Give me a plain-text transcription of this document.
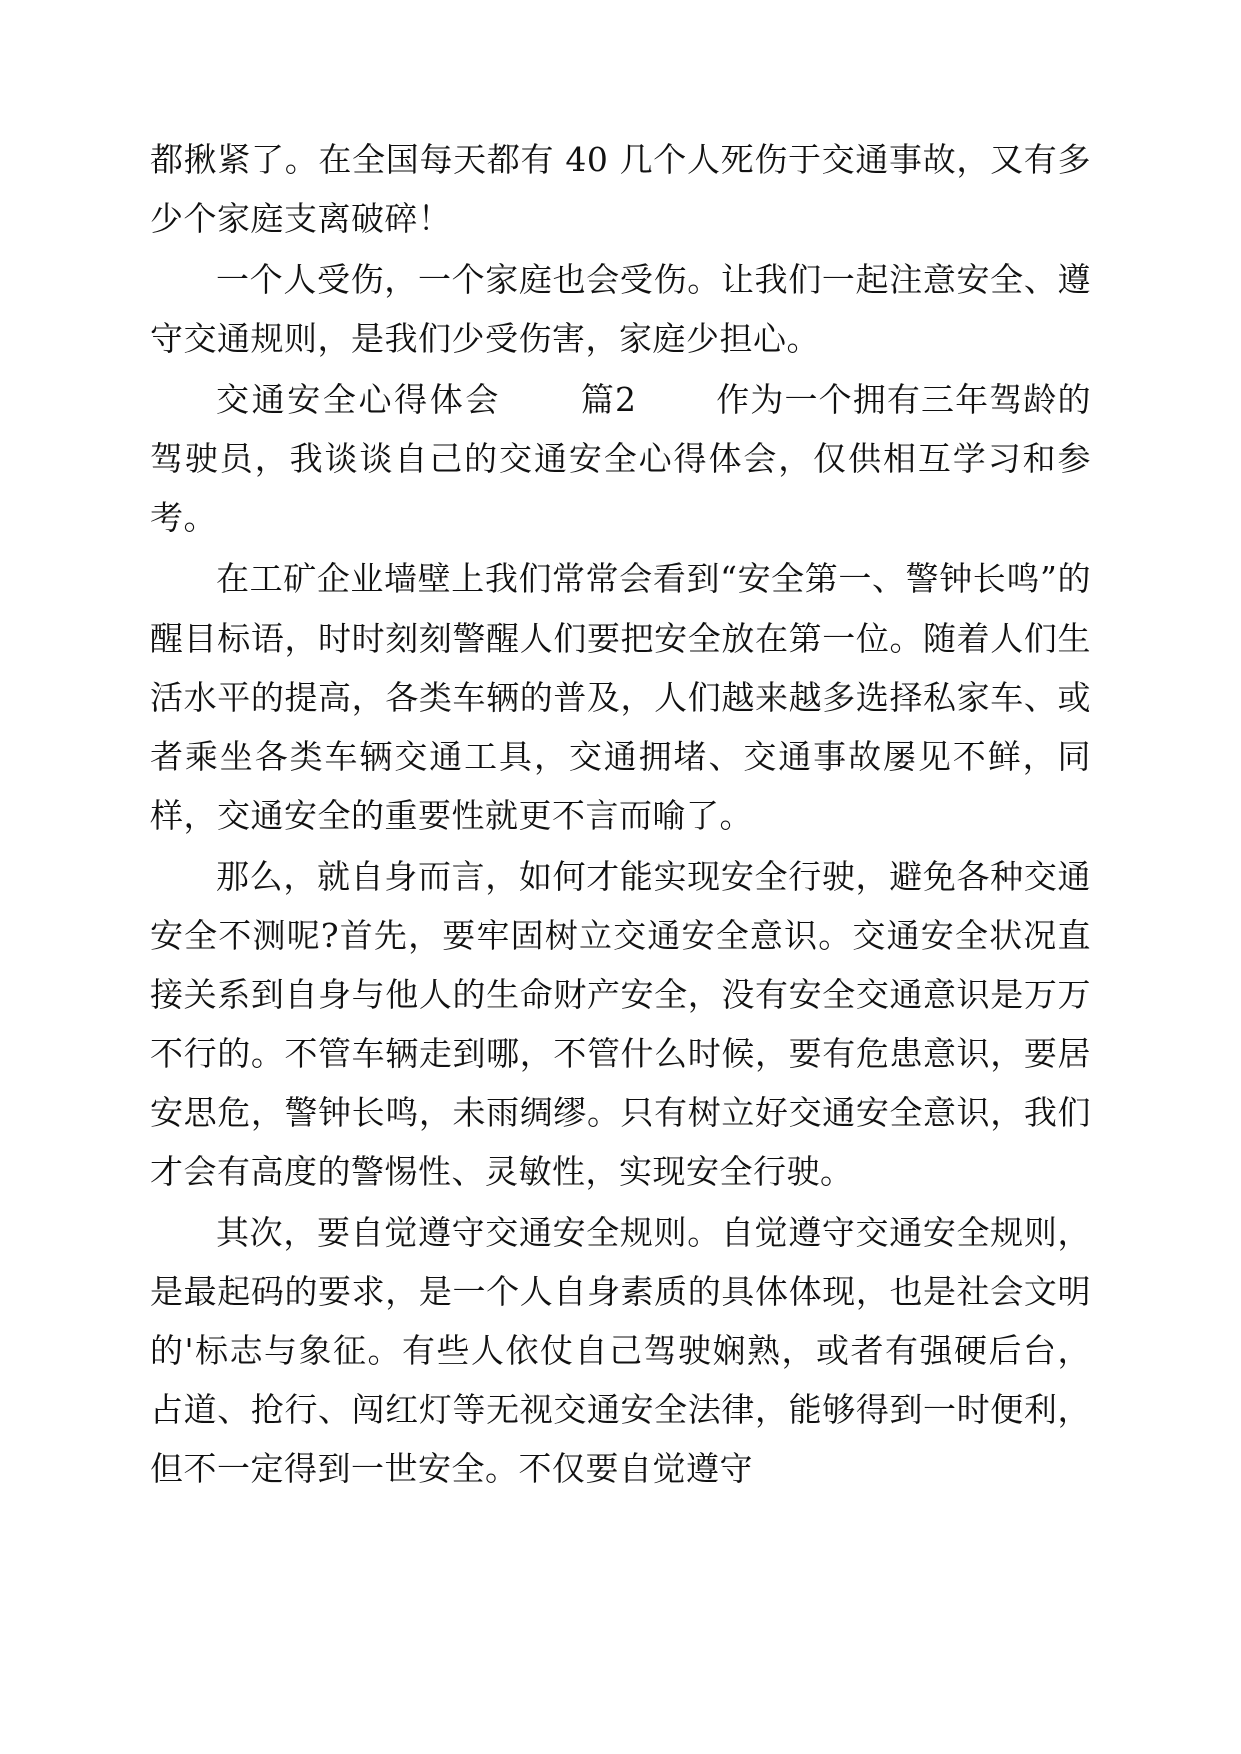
都揪紧了。在全国每天都有 40 几个人死伤于交通事故，又有多少个家庭支离破碎！

一个人受伤，一个家庭也会受伤。让我们一起注意安全、遵守交通规则，是我们少受伤害，家庭少担心。

交通安全心得体会 篇2 作为一个拥有三年驾龄的驾驶员，我谈谈自己的交通安全心得体会，仅供相互学习和参考。

在工矿企业墙壁上我们常常会看到“安全第一、警钟长鸣”的醒目标语，时时刻刻警醒人们要把安全放在第一位。随着人们生活水平的提高，各类车辆的普及，人们越来越多选择私家车、或者乘坐各类车辆交通工具，交通拥堵、交通事故屡见不鲜，同样，交通安全的重要性就更不言而喻了。

那么，就自身而言，如何才能实现安全行驶，避免各种交通安全不测呢?首先，要牢固树立交通安全意识。交通安全状况直接关系到自身与他人的生命财产安全，没有安全交通意识是万万不行的。不管车辆走到哪，不管什么时候，要有危患意识，要居安思危，警钟长鸣，未雨绸缪。只有树立好交通安全意识，我们才会有高度的警惕性、灵敏性，实现安全行驶。

其次，要自觉遵守交通安全规则。自觉遵守交通安全规则，是最起码的要求，是一个人自身素质的具体体现，也是社会文明的'标志与象征。有些人依仗自己驾驶娴熟，或者有强硬后台，占道、抢行、闯红灯等无视交通安全法律，能够得到一时便利，但不一定得到一世安全。不仅要自觉遵守
